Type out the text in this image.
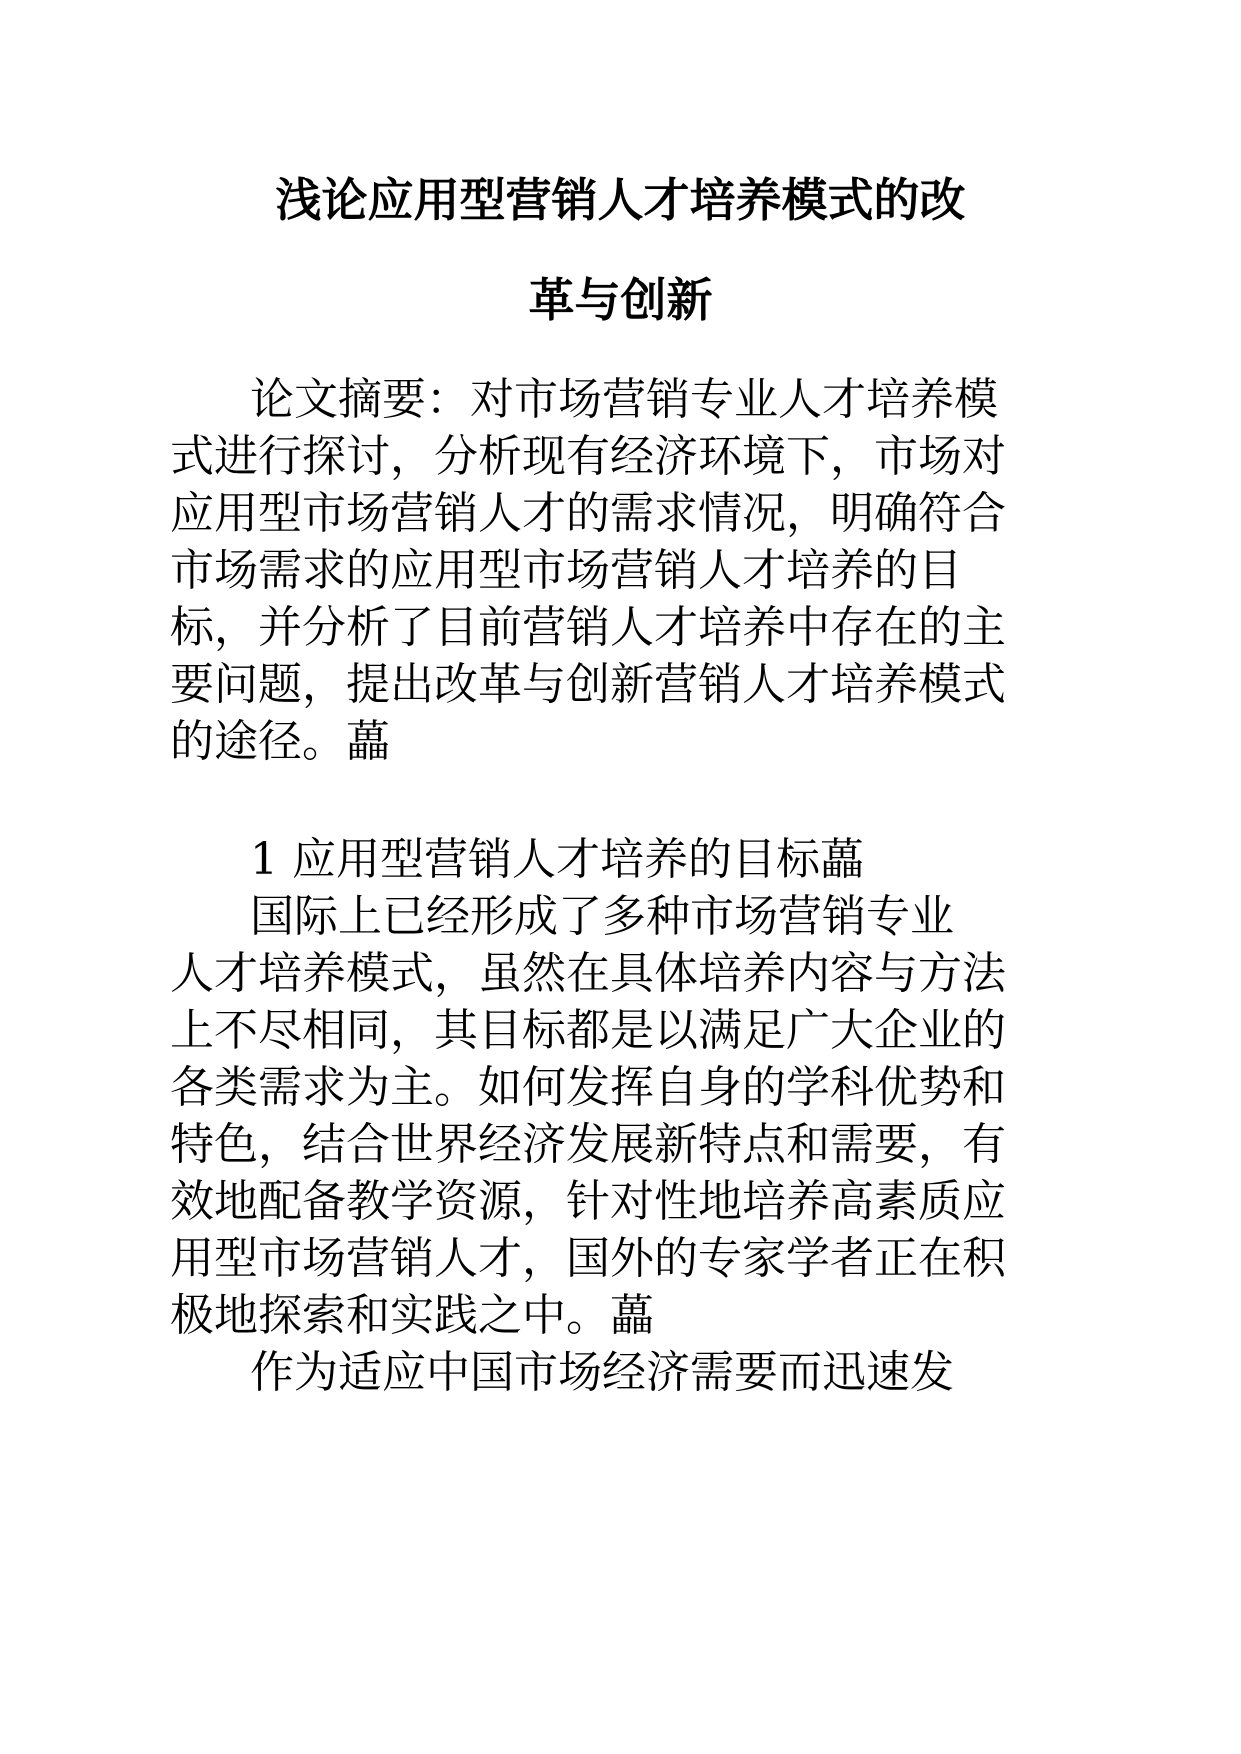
浅论应用型营销人才培养模式的改
革与创新

论文摘要：对市场营销专业人才培养模

式进行探讨，分析现有经济环境下，市场对

应用型市场营销人才的需求情况，明确符合

市场需求的应用型市场营销人才培养的目

标，并分析了目前营销人才培养中存在的主

要问题，提出改革与创新营销人才培养模式

的途径。藟

1 应用型营销人才培养的目标藟

国际上已经形成了多种市场营销专业

人才培养模式，虽然在具体培养内容与方法

上不尽相同，其目标都是以满足广大企业的

各类需求为主。如何发挥自身的学科优势和

特色，结合世界经济发展新特点和需要，有

效地配备教学资源，针对性地培养高素质应

用型市场营销人才，国外的专家学者正在积

极地探索和实践之中。藟

作为适应中国市场经济需要而迅速发
